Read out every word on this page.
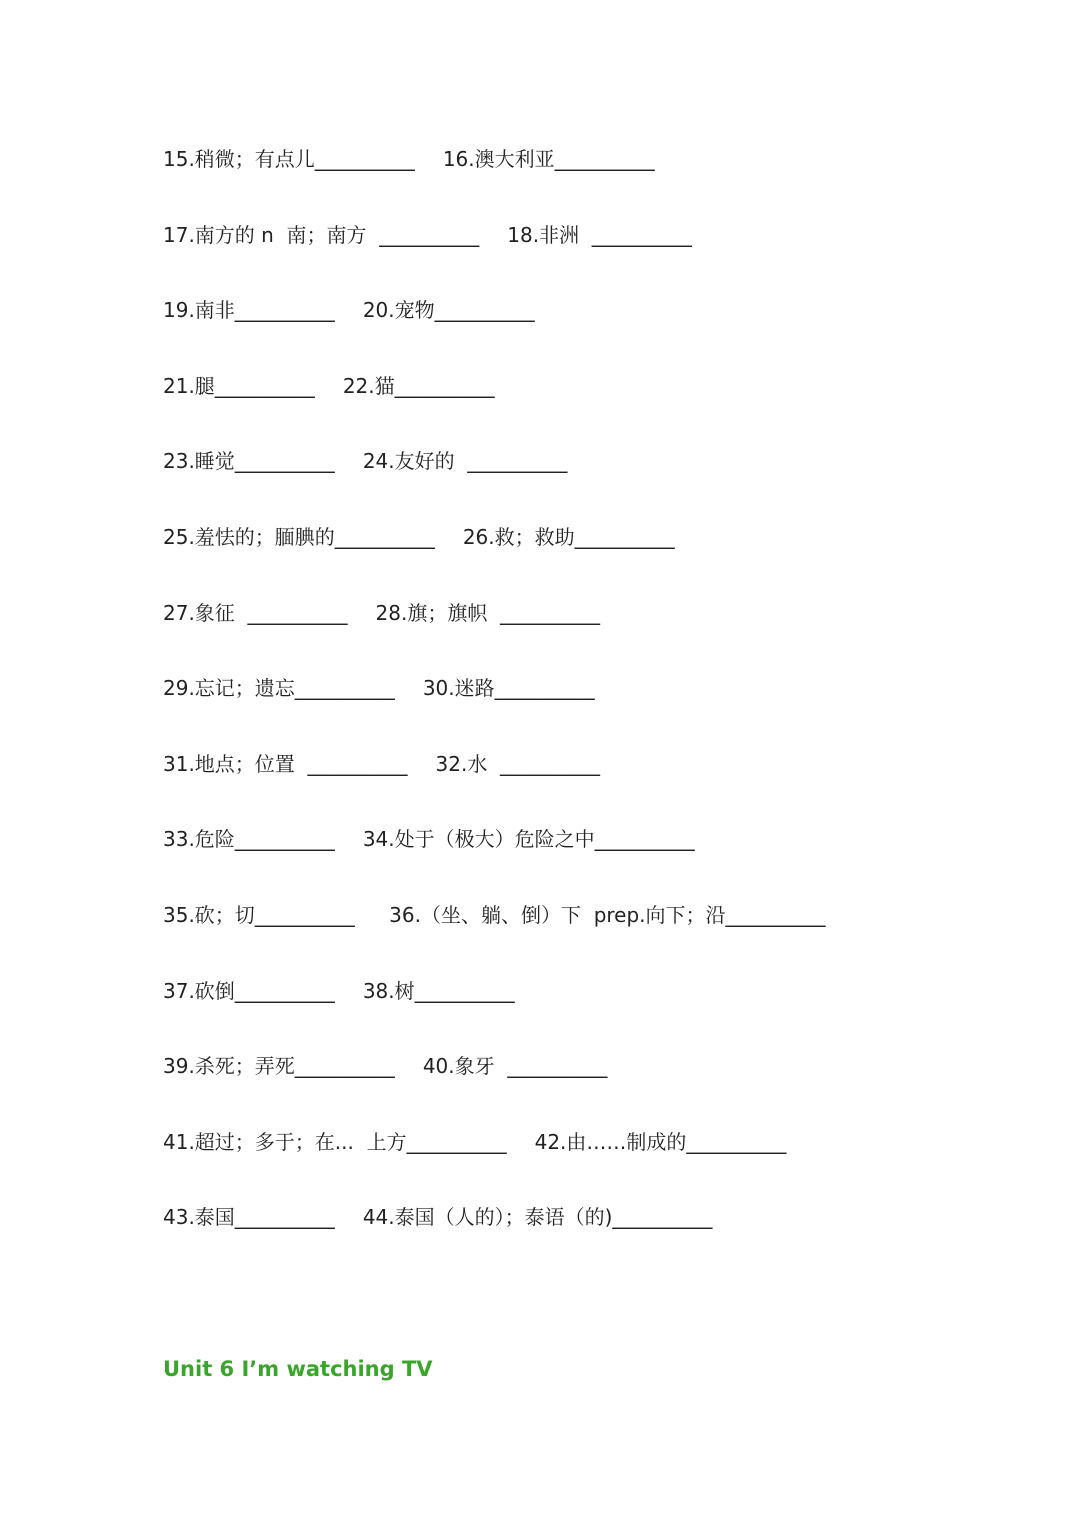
15.稍微；有点儿__________ 16.澳大利亚__________
17.南方的 n  南；南方  __________ 18.非洲  __________
19.南非__________ 20.宠物__________
21.腿__________ 22.猫__________
23.睡觉__________ 24.友好的  __________
25.羞怯的；腼腆的__________ 26.救；救助__________
27.象征  __________ 28.旗；旗帜  __________
29.忘记；遗忘__________ 30.迷路__________
31.地点；位置  __________ 32.水  __________
33.危险__________ 34.处于（极大）危险之中__________
35.砍；切__________ 36.（坐、躺、倒）下  prep.向下；沿__________
37.砍倒__________ 38.树__________
39.杀死；弄死__________ 40.象牙  __________
41.超过；多于；在...  上方__________ 42.由……制成的__________
43.泰国__________ 44.泰国（人的）；泰语（的)__________
Unit 6 I’m watching TV
